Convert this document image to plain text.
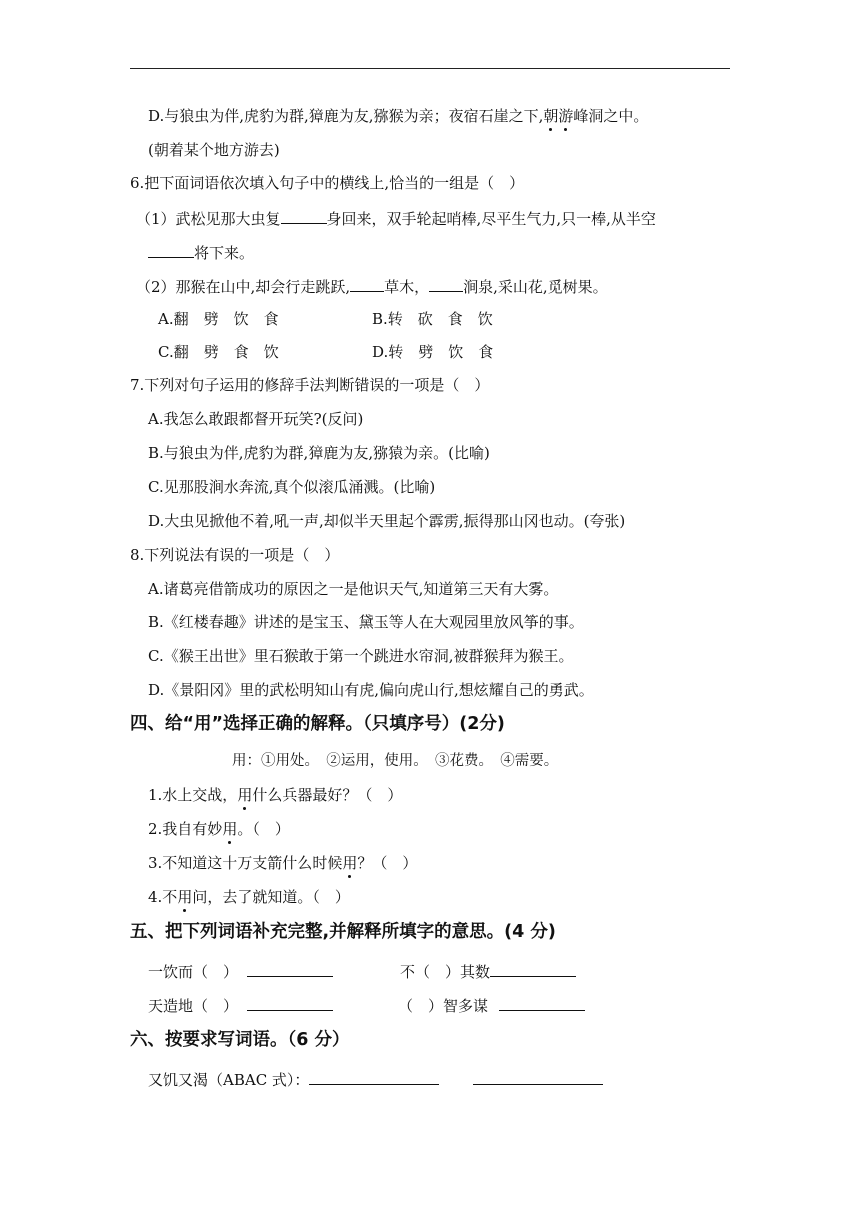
D.与狼虫为伴,虎豹为群,獐鹿为友,猕猴为亲；夜宿石崖之下,朝游峰洞之中。
(朝着某个地方游去)
6.把下面词语依次填入句子中的横线上,恰当的一组是（　）
（1）武松见那大虫复	身回来，双手轮起哨棒,尽平生气力,只一棒,从半空
将下来。
（2）那猴在山中,却会行走跳跃, 草木， 涧泉,采山花,觅树果。
A.翻　劈　饮　食	B.转　砍　食　饮
C.翻　劈　食　饮	D.转　劈　饮　食
7.下列对句子运用的修辞手法判断错误的一项是（　）
A.我怎么敢跟都督开玩笑?(反问)
B.与狼虫为伴,虎豹为群,獐鹿为友,猕猿为亲。(比喻)
C.见那股涧水奔流,真个似滚瓜涌溅。(比喻)
D.大虫见掀他不着,吼一声,却似半天里起个霹雳,振得那山冈也动。(夸张)
8.下列说法有误的一项是（　）
A.诸葛亮借箭成功的原因之一是他识天气,知道第三天有大雾。
B.《红楼春趣》讲述的是宝玉、黛玉等人在大观园里放风筝的事。
C.《猴王出世》里石猴敢于第一个跳进水帘洞,被群猴拜为猴王。
D.《景阳冈》里的武松明知山有虎,偏向虎山行,想炫耀自己的勇武。
四、给“用”选择正确的解释。（只填序号）(2分)
用：①用处。　②运用，使用。　③花费。　④需要。
1.水上交战，用什么兵器最好？（　）
2.我自有妙用。（　）
3.不知道这十万支箭什么时候用？（　）
4.不用问，去了就知道。（　）
五、把下列词语补充完整,并解释所填字的意思。(4 分)
一饮而（　）	不（　）其数
天造地（　）	（　）智多谋
六、按要求写词语。（6 分）
又饥又渴（ABAC 式）：
